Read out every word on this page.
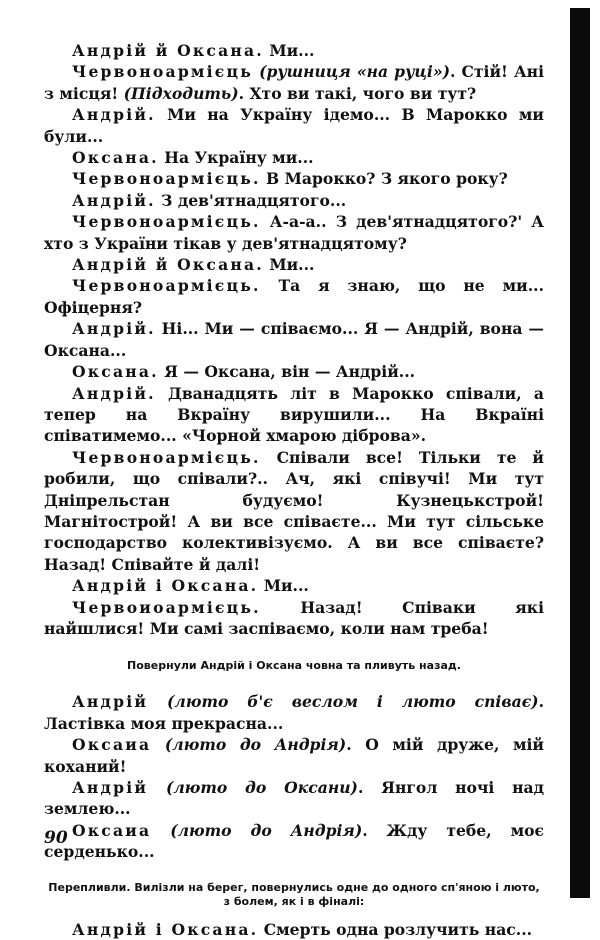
Андрій й Оксана. Ми...

Червоноармієць (рушниця «на руці»). Стій! Ані з місця! (Підходить). Хто ви такі, чого ви тут?

Андрій. Ми на Україну ідемо... В Марокко ми були...

Оксана. На Україну ми...

Червоноармієць. В Марокко? З якого року?

Андрій. З дев'ятнадцятого...

Червоноармієць. А-а-а.. З дев'ятнадцятого?' А хто з України тікав у дев'ятнадцятому?

Андрій й Оксана. Ми...

Червоноармієць. Та я знаю, що не ми... Офіцерня?

Андрій. Ні... Ми — співаємо... Я — Андрій, вона — Оксана...

Оксана. Я — Оксана, він — Андрій...

Андрій. Дванадцять літ в Марокко співали, а тепер на Вкраїну вирушили... На Вкраїні співатимемо... «Чорной хмарою діброва».

Червоноармієць. Співали все! Тільки те й робили, що співали?.. Ач, які співучі! Ми тут Дніпрельстан будуємо! Кузнецькстрой! Магнітострой! А ви все співаєте... Ми тут сільське господарство колективізуємо. А ви все співаєте? Назад! Співайте й далі!

Андрій і Оксана. Ми...

Червоиоармієць. Назад! Співаки які найшлися! Ми самі заспіваємо, коли нам треба!

Повернули Андрій і Оксана човна та пливуть назад.

Андрій (люто б'є веслом і люто співає). Ластівка моя прекрасна...

Оксаиа (люто до Андрія). О мій друже, мій коханий!

Андрій (люто до Оксани). Янгол ночі над землею...

Оксаиа (люто до Андрія). Жду тебе, моє серденько...

Перепливли. Вилізли на берег, повернулись одне до одного сп'яною і люто, з болем, як і в фіналі:

Андрій і Оксана. Смерть одна розлучить нас...

90
